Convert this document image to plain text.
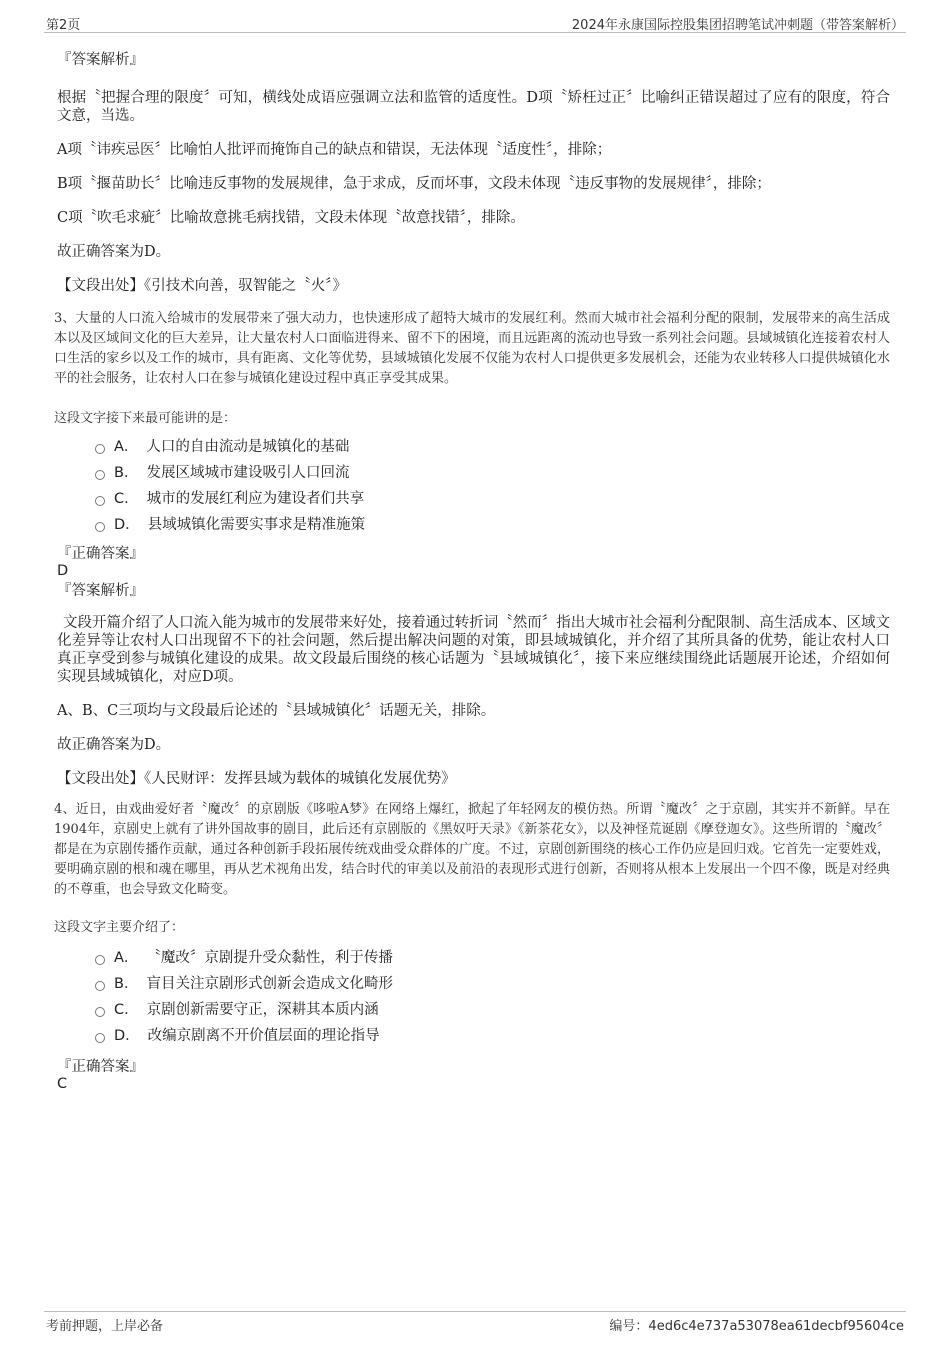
第2页	2024年永康国际控股集团招聘笔试冲刺题（带答案解析）

『答案解析』

根据〝把握合理的限度〞可知，横线处成语应强调立法和监管的适度性。D项〝矫枉过正〞比喻纠正错误超过了应有的限度，符合文意，当选。

A项〝讳疾忌医〞比喻怕人批评而掩饰自己的缺点和错误，无法体现〝适度性〞，排除；

B项〝揠苗助长〞比喻违反事物的发展规律，急于求成，反而坏事，文段未体现〝违反事物的发展规律〞，排除；

C项〝吹毛求疵〞比喻故意挑毛病找错，文段未体现〝故意找错〞，排除。

故正确答案为D。

【文段出处】《引技术向善，驭智能之〝火〞》

3、大量的人口流入给城市的发展带来了强大动力，也快速形成了超特大城市的发展红利。然而大城市社会福利分配的限制，发展带来的高生活成本以及区域间文化的巨大差异，让大量农村人口面临进得来、留不下的困境，而且远距离的流动也导致一系列社会问题。县域城镇化连接着农村人口生活的家乡以及工作的城市，具有距离、文化等优势，县域城镇化发展不仅能为农村人口提供更多发展机会，还能为农业转移人口提供城镇化水平的社会服务，让农村人口在参与城镇化建设过程中真正享受其成果。

这段文字接下来最可能讲的是：

A． 人口的自由流动是城镇化的基础
B． 发展区域城市建设吸引人口回流
C． 城市的发展红利应为建设者们共享
D． 县域城镇化需要实事求是精准施策

『正确答案』

D

『答案解析』

文段开篇介绍了人口流入能为城市的发展带来好处，接着通过转折词〝然而〞指出大城市社会福利分配限制、高生活成本、区域文化差异等让农村人口出现留不下的社会问题，然后提出解决问题的对策，即县域城镇化，并介绍了其所具备的优势，能让农村人口真正享受到参与城镇化建设的成果。故文段最后围绕的核心话题为〝县域城镇化〞，接下来应继续围绕此话题展开论述，介绍如何实现县域城镇化，对应D项。

A、B、C三项均与文段最后论述的〝县域城镇化〞话题无关，排除。

故正确答案为D。

【文段出处】《人民财评：发挥县域为载体的城镇化发展优势》

4、近日，由戏曲爱好者〝魔改〞的京剧版《哆啦A梦》在网络上爆红，掀起了年轻网友的模仿热。所谓〝魔改〞之于京剧，其实并不新鲜。早在1904年，京剧史上就有了讲外国故事的剧目，此后还有京剧版的《黑奴吁天录》《新茶花女》，以及神怪荒诞剧《摩登迦女》。这些所谓的〝魔改〞都是在为京剧传播作贡献，通过各种创新手段拓展传统戏曲受众群体的广度。不过，京剧创新围绕的核心工作仍应是回归戏。它首先一定要姓戏，要明确京剧的根和魂在哪里，再从艺术视角出发，结合时代的审美以及前沿的表现形式进行创新，否则将从根本上发展出一个四不像，既是对经典的不尊重，也会导致文化畸变。

这段文字主要介绍了：

A． 〝魔改〞京剧提升受众黏性，利于传播
B． 盲目关注京剧形式创新会造成文化畸形
C． 京剧创新需要守正，深耕其本质内涵
D． 改编京剧离不开价值层面的理论指导

『正确答案』

C

考前押题，上岸必备	编号：4ed6c4e737a53078ea61decbf95604ce
